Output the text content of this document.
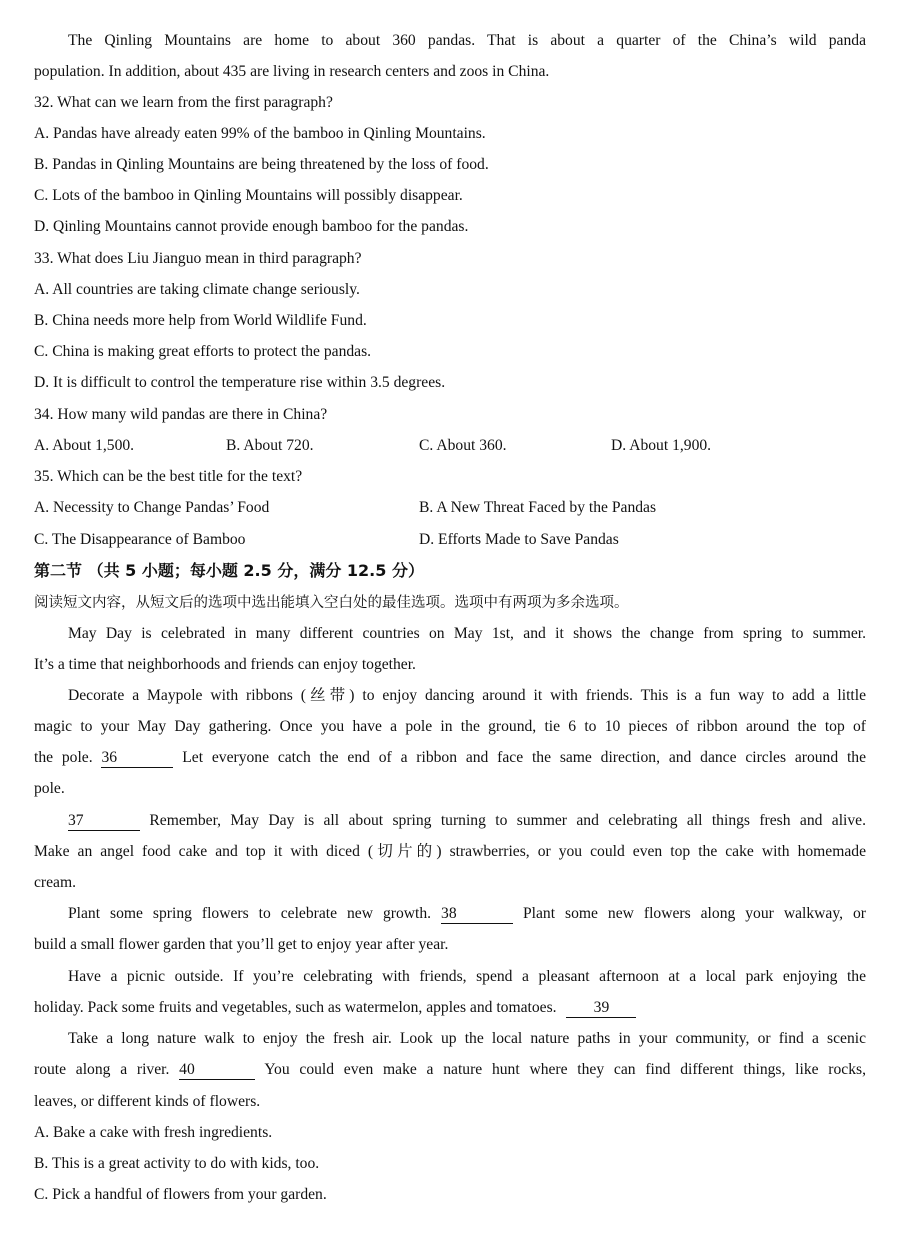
The Qinling Mountains are home to about 360 pandas. That is about a quarter of the China’s wild panda
population. In addition, about 435 are living in research centers and zoos in China.
32. What can we learn from the first paragraph?
A. Pandas have already eaten 99% of the bamboo in Qinling Mountains.
B. Pandas in Qinling Mountains are being threatened by the loss of food.
C. Lots of the bamboo in Qinling Mountains will possibly disappear.
D. Qinling Mountains cannot provide enough bamboo for the pandas.
33. What does Liu Jianguo mean in third paragraph?
A. All countries are taking climate change seriously.
B. China needs more help from World Wildlife Fund.
C. China is making great efforts to protect the pandas.
D. It is difficult to control the temperature rise within 3.5 degrees.
34. How many wild pandas are there in China?
A. About 1,500.	B. About 720.	C. About 360.	D. About 1,900.
35. Which can be the best title for the text?
A. Necessity to Change Pandas’ Food	B. A New Threat Faced by the Pandas
C. The Disappearance of Bamboo	D. Efforts Made to Save Pandas
第二节 （共 5 小题；每小题 2.5 分，满分 12.5 分）
阅读短文内容，从短文后的选项中选出能填入空白处的最佳选项。选项中有两项为多余选项。
May Day is celebrated in many different countries on May 1st, and it shows the change from spring to summer.
It’s a time that neighborhoods and friends can enjoy together.
Decorate a Maypole with ribbons (丝带) to enjoy dancing around it with friends. This is a fun way to add a little
magic to your May Day gathering. Once you have a pole in the ground, tie 6 to 10 pieces of ribbon around the top of
the pole. 36	Let everyone catch the end of a ribbon and face the same direction, and dance circles around the
pole.
37	Remember, May Day is all about spring turning to summer and celebrating all things fresh and alive.
Make an angel food cake and top it with diced (切片的) strawberries, or you could even top the cake with homemade
cream.
Plant some spring flowers to celebrate new growth. 38	Plant some new flowers along your walkway, or
build a small flower garden that you’ll get to enjoy year after year.
Have a picnic outside. If you’re celebrating with friends, spend a pleasant afternoon at a local park enjoying the
holiday. Pack some fruits and vegetables, such as watermelon, apples and tomatoes. 39
Take a long nature walk to enjoy the fresh air. Look up the local nature paths in your community, or find a scenic
route along a river. 40	You could even make a nature hunt where they can find different things, like rocks,
leaves, or different kinds of flowers.
A. Bake a cake with fresh ingredients.
B. This is a great activity to do with kids, too.
C. Pick a handful of flowers from your garden.
